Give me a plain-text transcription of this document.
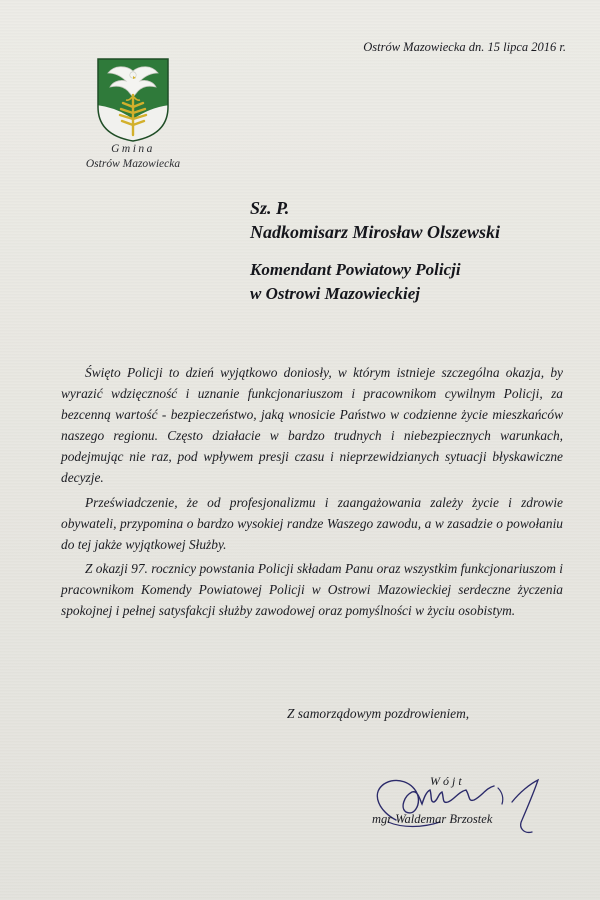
Ostrów Mazowiecka dn. 15 lipca 2016 r.
Gmina
Ostrów Mazowiecka
Sz. P.
Nadkomisarz Mirosław Olszewski
Komendant Powiatowy Policji
w Ostrowi Mazowieckiej

Święto Policji to dzień wyjątkowo doniosły, w którym istnieje szczególna okazja, by wyrazić wdzięczność i uznanie funkcjonariuszom i pracownikom cywilnym Policji, za bezcenną wartość - bezpieczeństwo, jaką wnosicie Państwo w codzienne życie mieszkańców naszego regionu. Często działacie w bardzo trudnych i niebezpiecznych warunkach, podejmując nie raz, pod wpływem presji czasu i nieprzewidzianych sytuacji błyskawiczne decyzje.

Przeświadczenie, że od profesjonalizmu i zaangażowania zależy życie i zdrowie obywateli, przypomina o bardzo wysokiej randze Waszego zawodu, a w zasadzie o powołaniu do tej jakże wyjątkowej Służby.

Z okazji 97. rocznicy powstania Policji składam Panu oraz wszystkim funkcjonariuszom i pracownikom Komendy Powiatowej Policji w Ostrowi Mazowieckiej serdeczne życzenia spokojnej i pełnej satysfakcji służby zawodowej oraz pomyślności w życiu osobistym.

Z samorządowym pozdrowieniem,
Wójt
mgr Waldemar Brzostek
